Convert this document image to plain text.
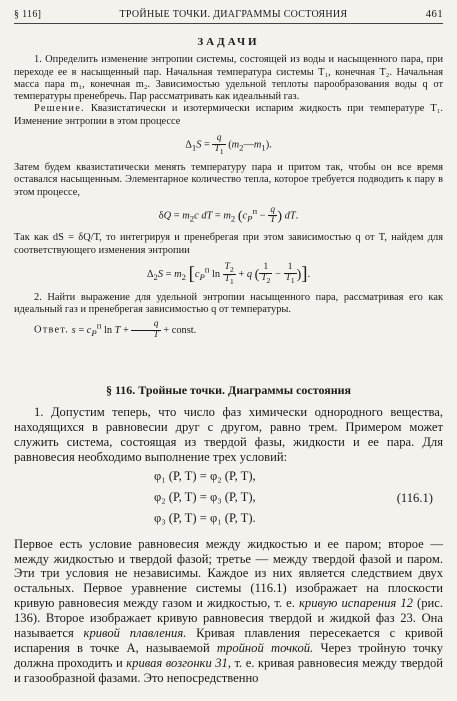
§ 116]	ТРОЙНЫЕ ТОЧКИ. ДИАГРАММЫ СОСТОЯНИЯ	461
ЗАДАЧИ

1. Определить изменение энтропии системы, состоящей из воды и насыщенного пара, при переходе ее в насыщенный пар. Начальная температура системы T₁, конечная T₂. Начальная масса пара m₁, конечная m₂. Зависимостью удельной теплоты парообразования воды q от температуры пренебречь. Пар рассматривать как идеальный газ.

Решение. Квазистатически и изотермически испарим жидкость при температуре T₁. Изменение энтропии в этом процессе

$\Delta_1S = \frac{q}{T_1}$ $(m_2—m_1)$.

Затем будем квазистатически менять температуру пара и притом так, чтобы он все время оставался насыщенным. Элементарное количество тепла, которое требуется подводить к пару в этом процессе,

$\delta Q = m_2c$ dT = $m_2$ ($c_P^п - \frac{q}{T}$ ) dT.

Так как dS = δQ/T, то интегрируя и пренебрегая при этом зависимостью q от T, найдем для соответствующего изменения энтропии

$\Delta_2S = m_2$ [$c_P^п$ $\ln \frac{T_2}{T_1} + q$ ( $\frac{1}{T_2} - \frac{1}{T_1}$ )].

2. Найти выражение для удельной энтропии насыщенного пара, рассматривая его как идеальный газ и пренебрегая зависимостью q от температуры.

Ответ. $s = c_P^п$ $\ln T + \frac{q}{T}$ + const.

§ 116. Тройные точки. Диаграммы состояния

1. Допустим теперь, что число фаз химически однородного вещества, находящихся в равновесии друг с другом, равно трем. Примером может служить система, состоящая из твердой фазы, жидкости и ее пара. Для равновесия необходимо выполнение трех условий:

φ₁ (P, T) = φ₂ (P, T),
φ₂ (P, T) = φ₃ (P, T),
φ₃ (P, T) = φ₁ (P, T).
(116.1)

Первое есть условие равновесия между жидкостью и ее паром; второе — между жидкостью и твердой фазой; третье — между твердой фазой и паром. Эти три условия не независимы. Каждое из них является следствием двух остальных. Первое уравнение системы (116.1) изображает на плоскости кривую равновесия между газом и жидкостью, т. е. кривую испарения 12 (рис. 136). Второе изображает кривую равновесия твердой и жидкой фаз 23. Она называется кривой плавления. Кривая плавления пересекается с кривой испарения в точке A, называемой тройной точкой. Через тройную точку должна проходить и кривая возгонки 31, т. е. кривая равновесия между твердой и газообразной фазами. Это непосредственно
